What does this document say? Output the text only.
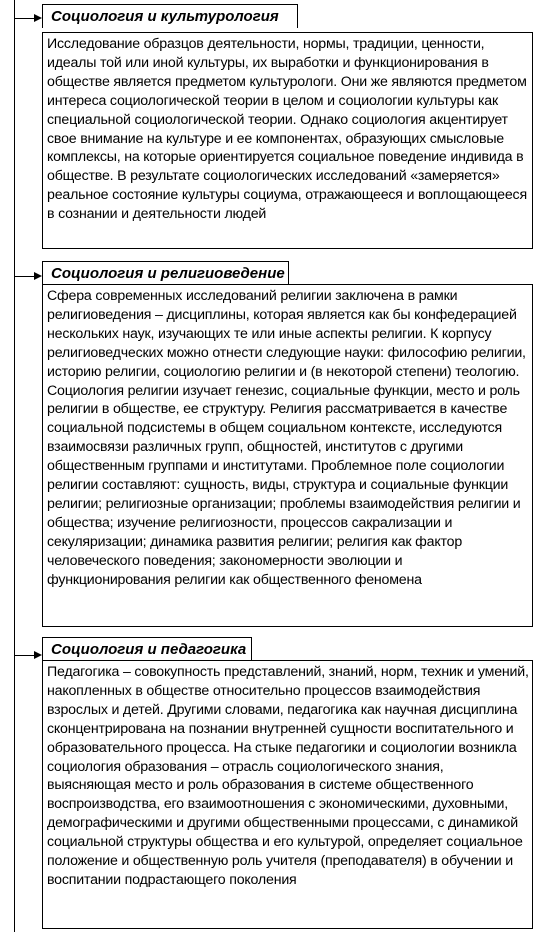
Социология и культурология
Исследование образцов деятельности, нормы, традиции, ценности, идеалы той или иной культуры, их выработки и функционирования в обществе является предметом культурологи. Они же являются предметом интереса социологической теории в целом и социологии культуры как специальной социологической теории. Однако социология акцентирует свое внимание на культуре и ее компонентах, образующих смысловые комплексы, на которые ориентируется социальное поведение индивида в обществе. В результате социологических исследований «замеряется» реальное состояние культуры социума, отражающееся и воплощающееся в сознании и деятельности людей
Социология и религиоведение
Сфера современных исследований религии заключена в рамки религиоведения – дисциплины, которая является как бы конфедерацией нескольких наук, изучающих те или иные аспекты религии. К корпусу религиоведческих можно отнести следующие науки: философию религии, историю религии, социологию религии и (в некоторой степени) теологию. Социология религии изучает генезис, социальные функции, место и роль религии в обществе, ее структуру. Религия рассматривается в качестве социальной подсистемы в общем социальном контексте, исследуются взаимосвязи различных групп, общностей, институтов с другими общественным группами и институтами. Проблемное поле социологии религии составляют: сущность, виды, структура и социальные функции религии; религиозные организации; проблемы взаимодействия религии и общества; изучение религиозности, процессов сакрализации и секуляризации; динамика развития религии; религия как фактор человеческого поведения; закономерности эволюции и функционирования религии как общественного феномена
Социология и педагогика
Педагогика – совокупность представлений, знаний, норм, техник и умений, накопленных в обществе относительно процессов взаимодействия взрослых и детей. Другими словами, педагогика как научная дисциплина сконцентрирована на познании внутренней сущности воспитательного и образовательного процесса. На стыке педагогики и социологии возникла социология образования – отрасль социологического знания, выясняющая место и роль образования в системе общественного воспроизводства, его взаимоотношения с экономическими, духовными, демографическими и другими общественными процессами, с динамикой социальной структуры общества и его культурой, определяет социальное положение и общественную роль учителя (преподавателя) в обучении и воспитании подрастающего поколения
